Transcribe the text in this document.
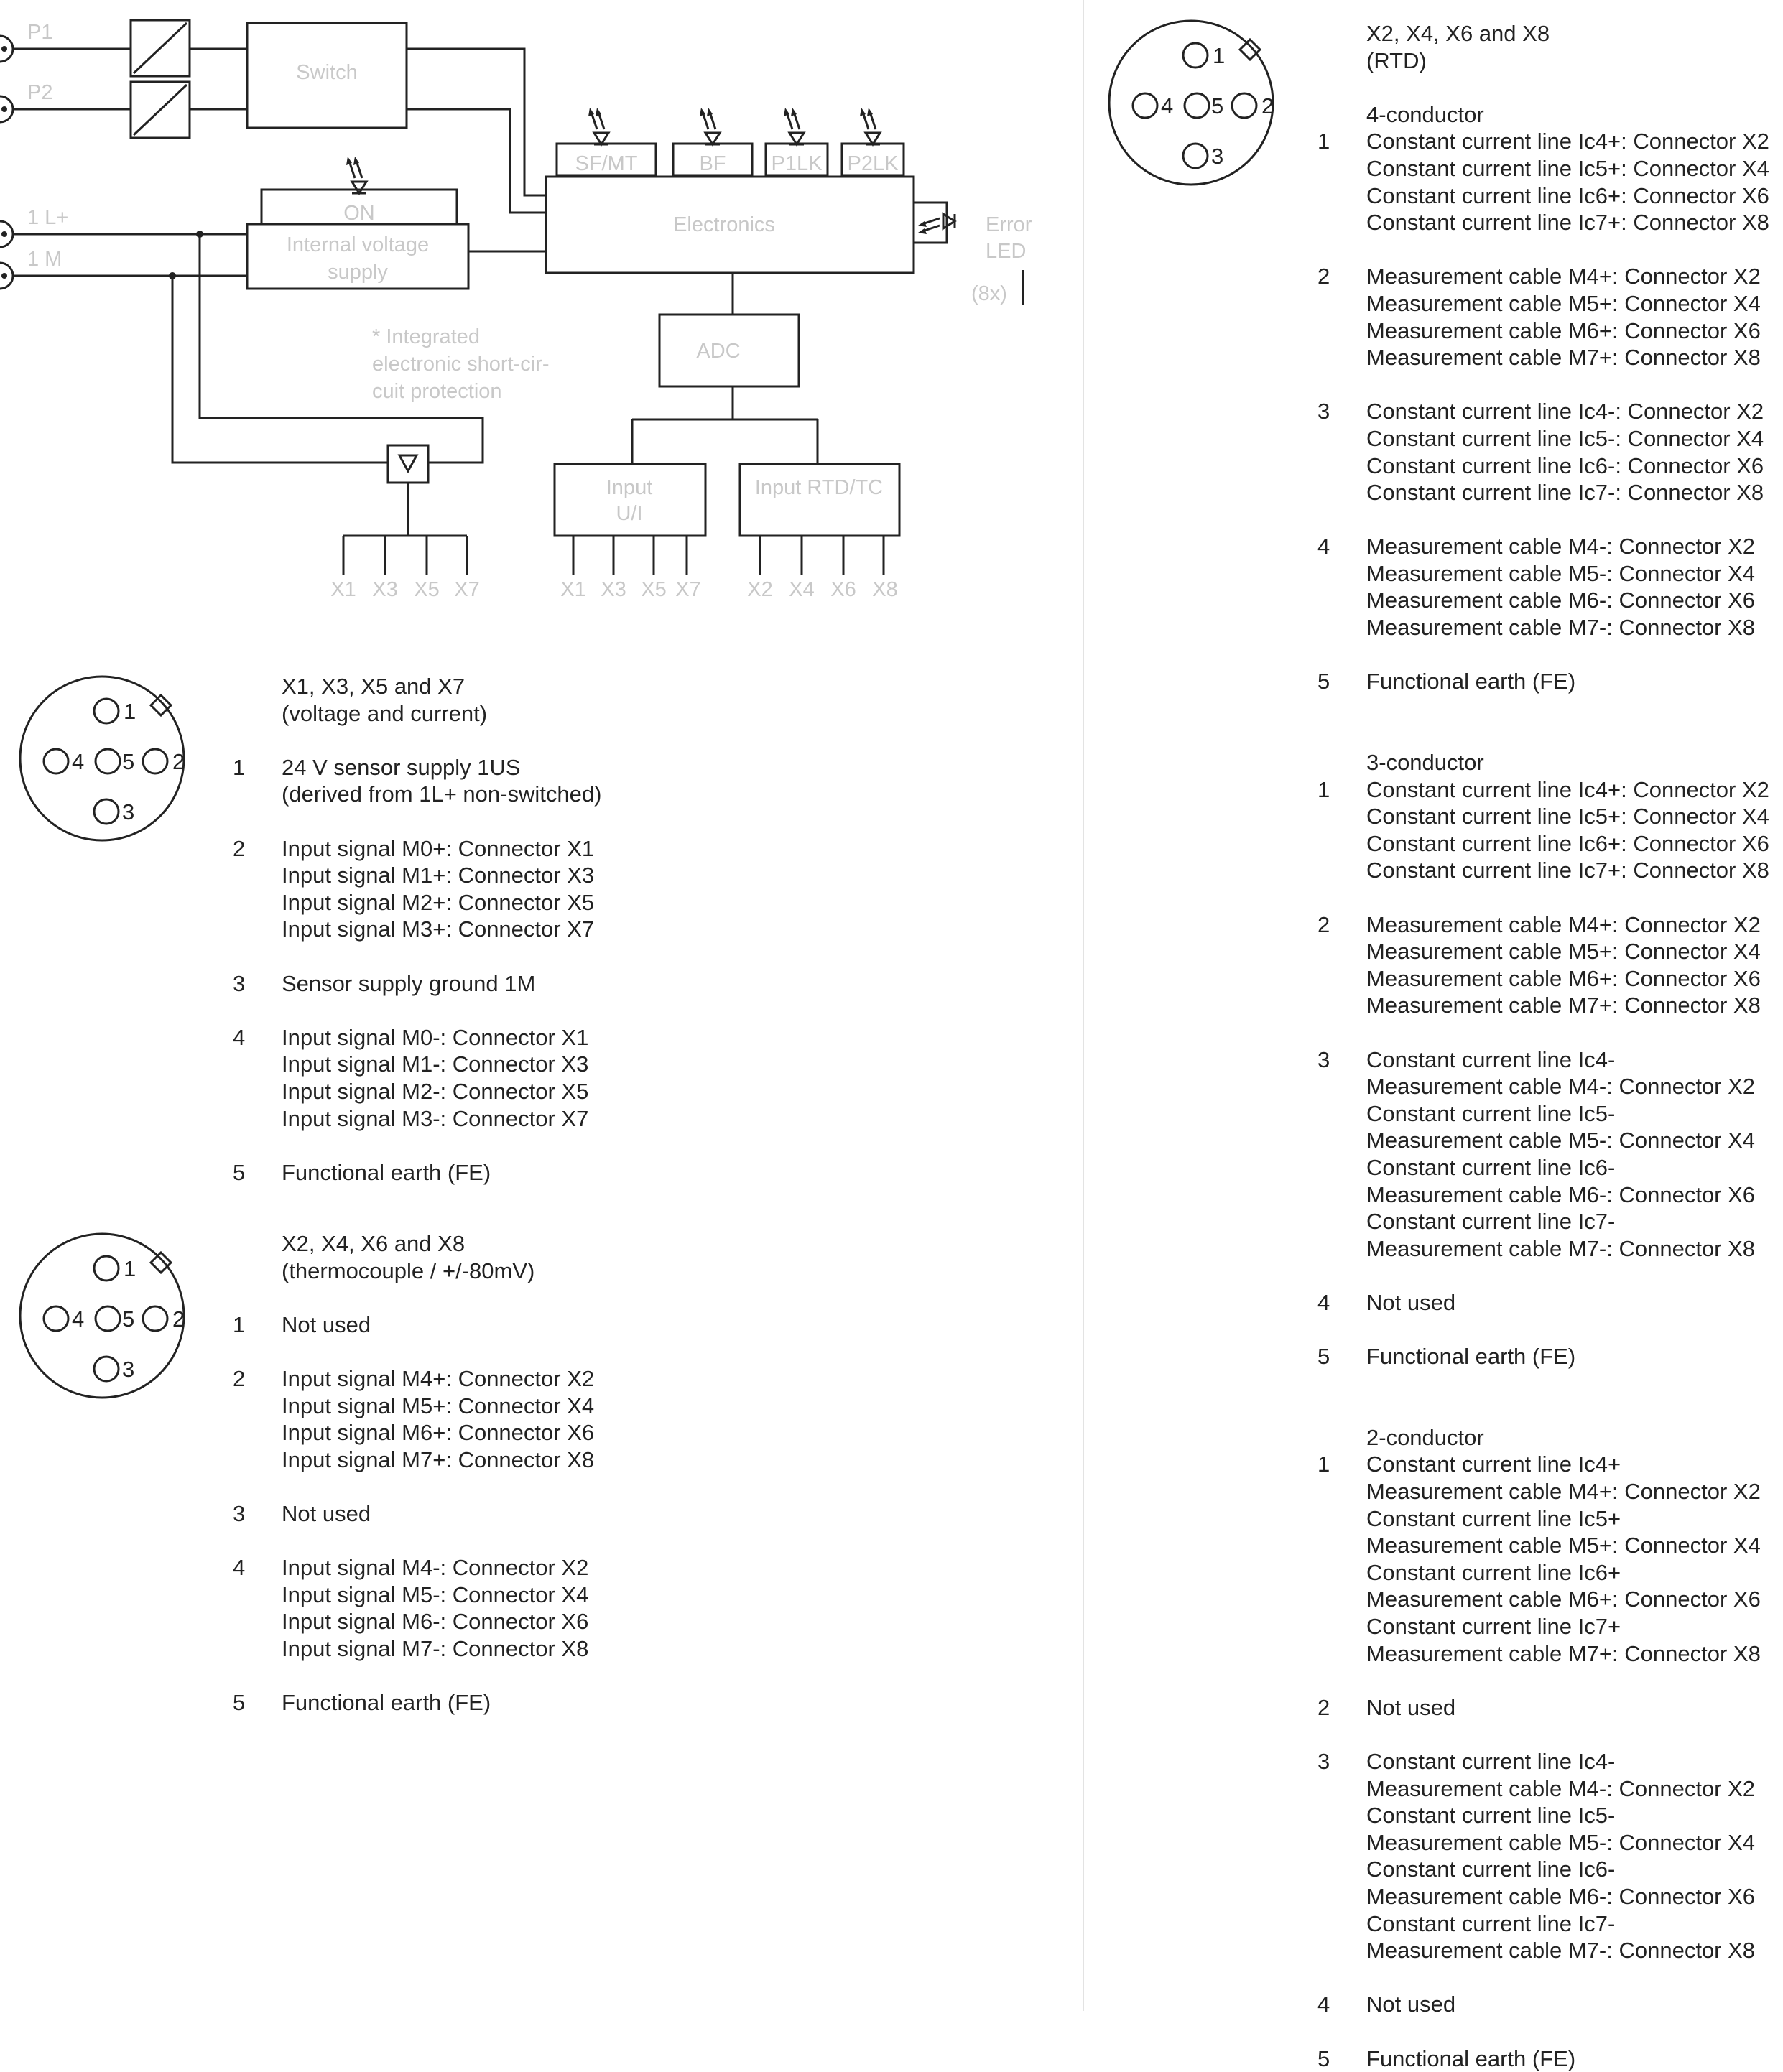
P1
P2
1 L+
1 M
Switch
SF/MT	BF P1LK P2LK
Electronics	Error
LED
(8x)
Internal voltage
supply
ON
* Integrated
electronic short-cir-
cuit protection
X1 X3 X5 X7
ADC
Input
U/I
X1 X3 X5 X7
Input RTD/TC
X2 X4 X6 X8
1
2
3
4 5
1
2
3
4 5
1
2
3
4 5
X1, X3, X5 and X7
(voltage and current)
1	24 V sensor supply 1US
(derived from 1L+ non-switched)
2	Input signal M0+: Connector X1
Input signal M1+: Connector X3
Input signal M2+: Connector X5
Input signal M3+: Connector X7
3	Sensor supply ground 1M
4	Input signal M0-: Connector X1
Input signal M1-: Connector X3
Input signal M2-: Connector X5
Input signal M3-: Connector X7
5	Functional earth (FE)
X2, X4, X6 and X8
(thermocouple / +/-80mV)
1	Not used
2	Input signal M4+: Connector X2
Input signal M5+: Connector X4
Input signal M6+: Connector X6
Input signal M7+: Connector X8
3	Not used
4	Input signal M4-: Connector X2
Input signal M5-: Connector X4
Input signal M6-: Connector X6
Input signal M7-: Connector X8
5	Functional earth (FE)
X2, X4, X6 and X8
(RTD)
4-conductor
1	Constant current line Ic4+: Connector X2
Constant current line Ic5+: Connector X4
Constant current line Ic6+: Connector X6
Constant current line Ic7+: Connector X8
2	Measurement cable M4+: Connector X2
Measurement cable M5+: Connector X4
Measurement cable M6+: Connector X6
Measurement cable M7+: Connector X8
3	Constant current line Ic4-: Connector X2
Constant current line Ic5-: Connector X4
Constant current line Ic6-: Connector X6
Constant current line Ic7-: Connector X8
4	Measurement cable M4-: Connector X2
Measurement cable M5-: Connector X4
Measurement cable M6-: Connector X6
Measurement cable M7-: Connector X8
5	Functional earth (FE)
3-conductor
1	Constant current line Ic4+: Connector X2
Constant current line Ic5+: Connector X4
Constant current line Ic6+: Connector X6
Constant current line Ic7+: Connector X8
2	Measurement cable M4+: Connector X2
Measurement cable M5+: Connector X4
Measurement cable M6+: Connector X6
Measurement cable M7+: Connector X8
3	Constant current line Ic4-
Measurement cable M4-: Connector X2
Constant current line Ic5-
Measurement cable M5-: Connector X4
Constant current line Ic6-
Measurement cable M6-: Connector X6
Constant current line Ic7-
Measurement cable M7-: Connector X8
4	Not used
5	Functional earth (FE)
2-conductor
1	Constant current line Ic4+
Measurement cable M4+: Connector X2
Constant current line Ic5+
Measurement cable M5+: Connector X4
Constant current line Ic6+
Measurement cable M6+: Connector X6
Constant current line Ic7+
Measurement cable M7+: Connector X8
2	Not used
3	Constant current line Ic4-
Measurement cable M4-: Connector X2
Constant current line Ic5-
Measurement cable M5-: Connector X4
Constant current line Ic6-
Measurement cable M6-: Connector X6
Constant current line Ic7-
Measurement cable M7-: Connector X8
4	Not used
5	Functional earth (FE)
